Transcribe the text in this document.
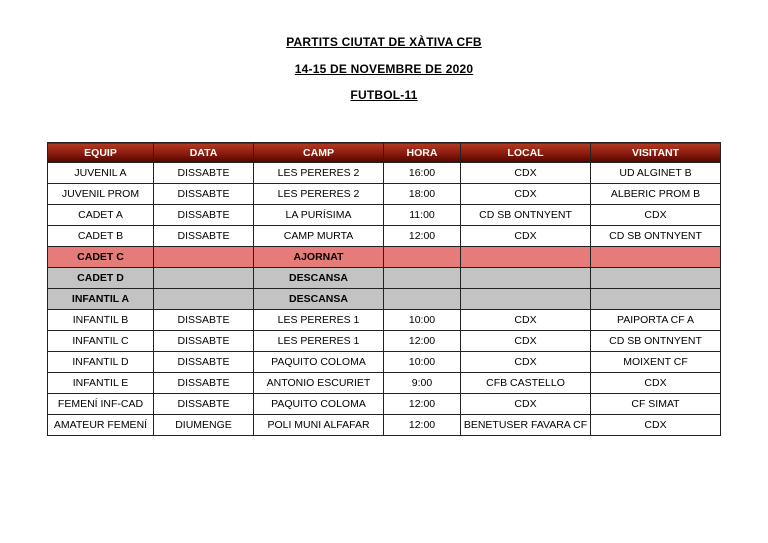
PARTITS CIUTAT DE XÀTIVA CFB
14-15 DE NOVEMBRE DE 2020
FUTBOL-11
EQUIP	DATA	CAMP	HORA	LOCAL	VISITANT
JUVENIL A	DISSABTE	LES PERERES 2	16:00	CDX	UD ALGINET B
JUVENIL PROM	DISSABTE	LES PERERES 2	18:00	CDX	ALBERIC PROM B
CADET A	DISSABTE	LA PURÍSIMA	11:00	CD SB ONTNYENT	CDX
CADET B	DISSABTE	CAMP MURTA	12:00	CDX	CD SB ONTNYENT
CADET C		AJORNAT			
CADET D		DESCANSA			
INFANTIL A		DESCANSA			
INFANTIL B	DISSABTE	LES PERERES 1	10:00	CDX	PAIPORTA CF A
INFANTIL C	DISSABTE	LES PERERES 1	12:00	CDX	CD SB ONTNYENT
INFANTIL D	DISSABTE	PAQUITO COLOMA	10:00	CDX	MOIXENT CF
INFANTIL E	DISSABTE	ANTONIO ESCURIET	9:00	CFB CASTELLO	CDX
FEMENÍ INF-CAD	DISSABTE	PAQUITO COLOMA	12:00	CDX	CF SIMAT
AMATEUR FEMENÍ	DIUMENGE	POLI MUNI ALFAFAR	12:00	BENETUSER FAVARA CF	CDX
